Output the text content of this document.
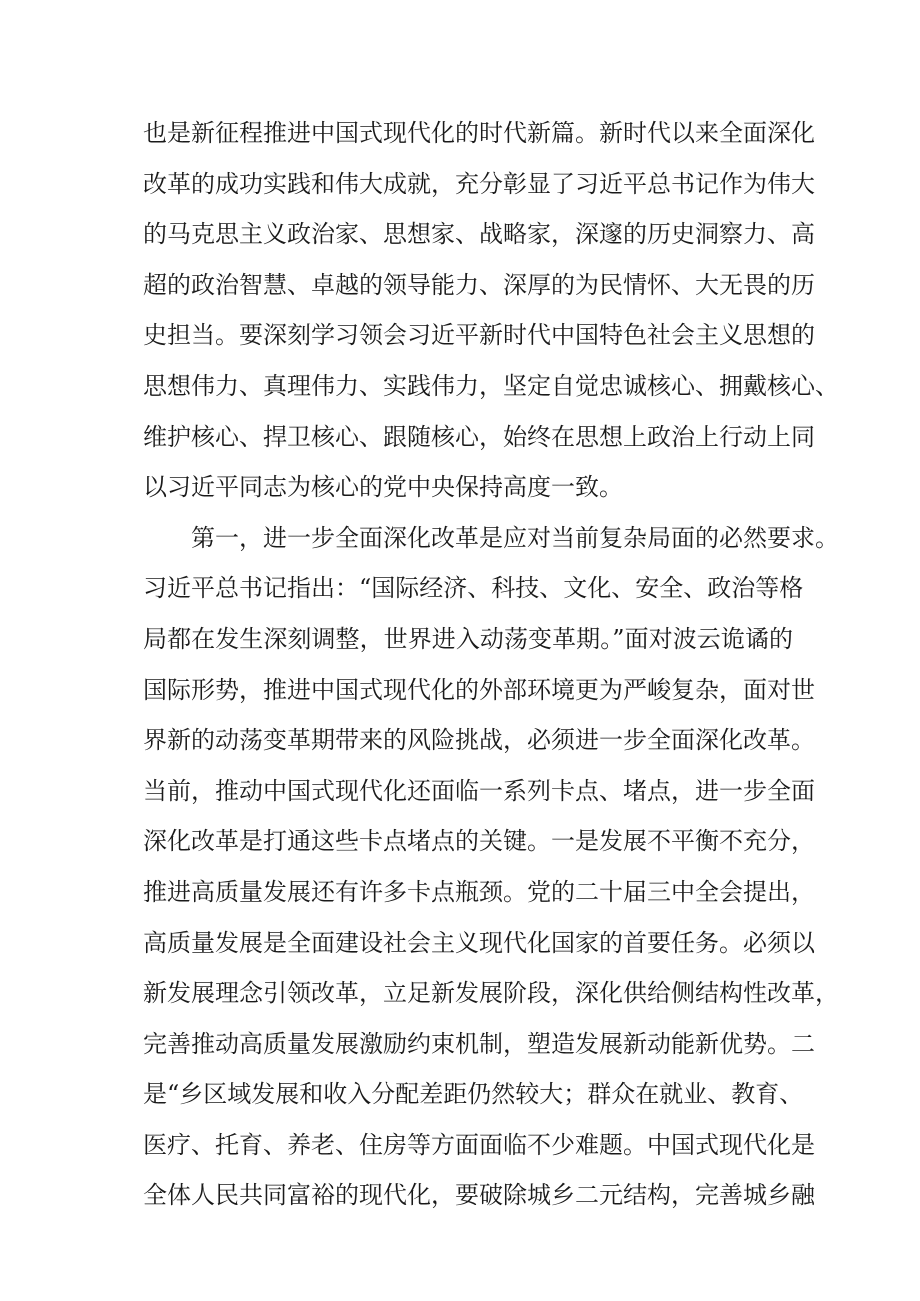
也是新征程推进中国式现代化的时代新篇。新时代以来全面深化
改革的成功实践和伟大成就，充分彰显了习近平总书记作为伟大
的马克思主义政治家、思想家、战略家，深邃的历史洞察力、高
超的政治智慧、卓越的领导能力、深厚的为民情怀、大无畏的历
史担当。要深刻学习领会习近平新时代中国特色社会主义思想的
思想伟力、真理伟力、实践伟力，坚定自觉忠诚核心、拥戴核心、
维护核心、捍卫核心、跟随核心，始终在思想上政治上行动上同
以习近平同志为核心的党中央保持高度一致。
第一，进一步全面深化改革是应对当前复杂局面的必然要求。
习近平总书记指出：“国际经济、科技、文化、安全、政治等格
局都在发生深刻调整，世界进入动荡变革期。”面对波云诡谲的
国际形势，推进中国式现代化的外部环境更为严峻复杂，面对世
界新的动荡变革期带来的风险挑战，必须进一步全面深化改革。
当前，推动中国式现代化还面临一系列卡点、堵点，进一步全面
深化改革是打通这些卡点堵点的关键。一是发展不平衡不充分，
推进高质量发展还有许多卡点瓶颈。党的二十届三中全会提出，
高质量发展是全面建设社会主义现代化国家的首要任务。必须以
新发展理念引领改革，立足新发展阶段，深化供给侧结构性改革，
完善推动高质量发展激励约束机制，塑造发展新动能新优势。二
是“乡区域发展和收入分配差距仍然较大；群众在就业、教育、
医疗、托育、养老、住房等方面面临不少难题。中国式现代化是
全体人民共同富裕的现代化，要破除城乡二元结构，完善城乡融
